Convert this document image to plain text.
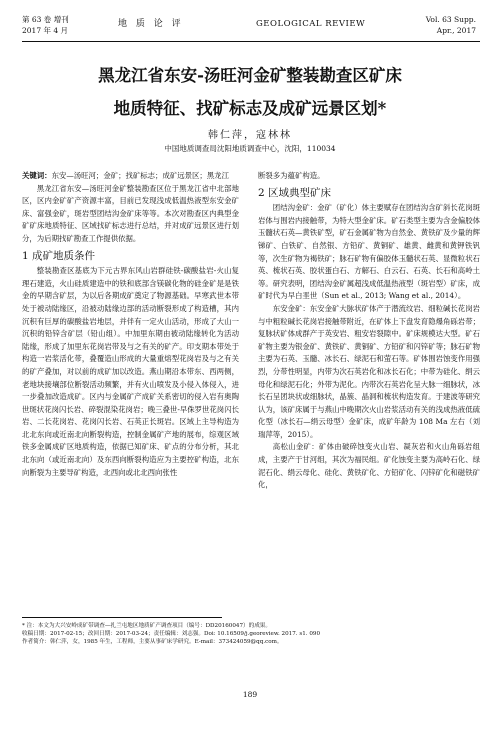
第 63 卷 增刊
2017 年 4 月
地 质 论 评	GEOLOGICAL REVIEW	Vol. 63 Supp.
Apr., 2017
黑龙江省东安-汤旺河金矿整装勘查区矿床
地质特征、找矿标志及成矿远景区划*
韩仁萍，寇林林
中国地质调查局沈阳地质调查中心，沈阳，110034

关键词：东安—汤旺河；金矿；找矿标志；成矿远景区；黑龙江

黑龙江省东安—汤旺河金矿整装勘查区位于黑龙江省中北部地区，区内金矿矿产资源丰富，目前已发现浅成低温热液型东安金矿床、富强金矿，斑岩型团结沟金矿床等等。本次对勘查区内典型金矿矿床地质特征、区域找矿标志进行总结，并对成矿远景区进行划分，为后期找矿勘查工作提供依据。

1 成矿地质条件

整装勘查区基底为下元古界东风山岩群硅铁-碳酸盐岩-火山复理石建造，火山硅质建造中的铁和底部含镁碳化物的硅金矿是是铁金的早期含矿层，为以后各期成矿奠定了物源基础。早寒武世本带处于被动陆缘区，沿被动陆缘边部的活动断裂形成了构造槽，其内沉积有巨厚的碳酸盐岩地层，并伴有一定火山活动，形成了大山一沉积的铅锌含矿层（铅山组）。中加里东期由被动陆缘转化为活动陆缘，形成了加里东花岗岩带及与之有关的矿产。印支期本带处于构造一岩浆活化带，叠覆造山形成的大量重熔型花岗岩及与之有关的矿产叠加，对以前的成矿加以改造。燕山期沿本带东、西两侧，老地块接壤部位断裂活动频繁，并有火山喷发及小侵入体侵入，进一步叠加改造成矿。区内与金属矿产成矿关系密切的侵入岩有奥陶世斑状花岗闪长岩、碎裂混染花岗岩；晚三叠世-早侏罗世花岗闪长岩、二长花岗岩、花岗闪长岩、石英正长斑岩。区域上主导构造为北北东向或近南北向断裂构造，控制金属矿产地的展布，综观区域铁多金属成矿区地质构造，依据已知矿床、矿点的分布分析，其北北东向（或近南北向）及东西向断裂构造应为主要控矿构造，北东向断裂为主要导矿构造，北西向或北北西向张性

断裂多为蕴矿构造。

2 区域典型矿床

团结沟金矿：金矿（矿化）体主要赋存在团结沟含矿斜长花岗斑岩体与围岩内接触带，为特大型金矿床。矿石类型主要为含金偏胶体玉髓状石英—黄铁矿型，矿石金属矿物为自然金、黄铁矿及少量的辉锑矿、白铁矿、自然银、方铅矿、黄铜矿、雄黄、雌黄和黄钾铁钒等，次生矿物为褐铁矿；脉石矿物有偏胶体玉髓状石英、显微粒状石英、梳状石英、胶状蛋白石、方解石、白云石、石英、长石和高岭土等。研究表明，团结沟金矿属超浅成低温热液型（斑岩型）矿床，成矿时代为早白垩世（Sun et al., 2013; Wang et al., 2014）。

东安金矿：东安金矿大脉状矿体产于潜流纹岩、细粒碱长花岗岩与中粗粒碱长花岗岩接触带附近，在矿体上下盘发育隐爆角砾岩带；复脉状矿体成群产于英安岩、粗安岩裂隙中。矿床规模达大型。矿石矿物主要为银金矿、黄铁矿、黄铜矿、方铅矿和闪锌矿等；脉石矿物主要为石英、玉髓、冰长石、绿泥石和萤石等。矿体围岩蚀变作用强烈，分带性明显，内带为次石英岩化和冰长石化；中带为硅化、绢云母化和绿泥石化；外带为泥化。内带次石英岩化呈大脉一细脉状，冰长石呈团块状或细脉状，晶簇、晶洞和梳状构造发育。于建波等研究认为，该矿床属于与燕山中晚期次火山岩浆活动有关的浅成热液低硫化型（冰长石—绢云母型）金矿床，成矿年龄为 108 Ma 左右（刘瑞萍等，2015）。

高松山金矿：矿体由破碎蚀变火山岩、凝灰岩和火山角砾岩组成，主要产于甘河组，其次为福民组。矿化蚀变主要为高岭石化、绿泥石化、绢云母化、硅化、黄铁矿化、方铅矿化、闪锌矿化和磁铁矿化，

* 注：本文为大兴安岭成矿带调查—扎兰屯地区地质矿产调查项目（编号：DD20160047）的成果。
收稿日期：2017-02-15；改回日期：2017-03-24；责任编辑：刘志强。Doi: 10.16509/j.georeview. 2017. s1. 090
作者简介：韩仁萍，女，1985 年生，工程师，主要从事矿床学研究。E-mail：373424059@qq.com。
189
